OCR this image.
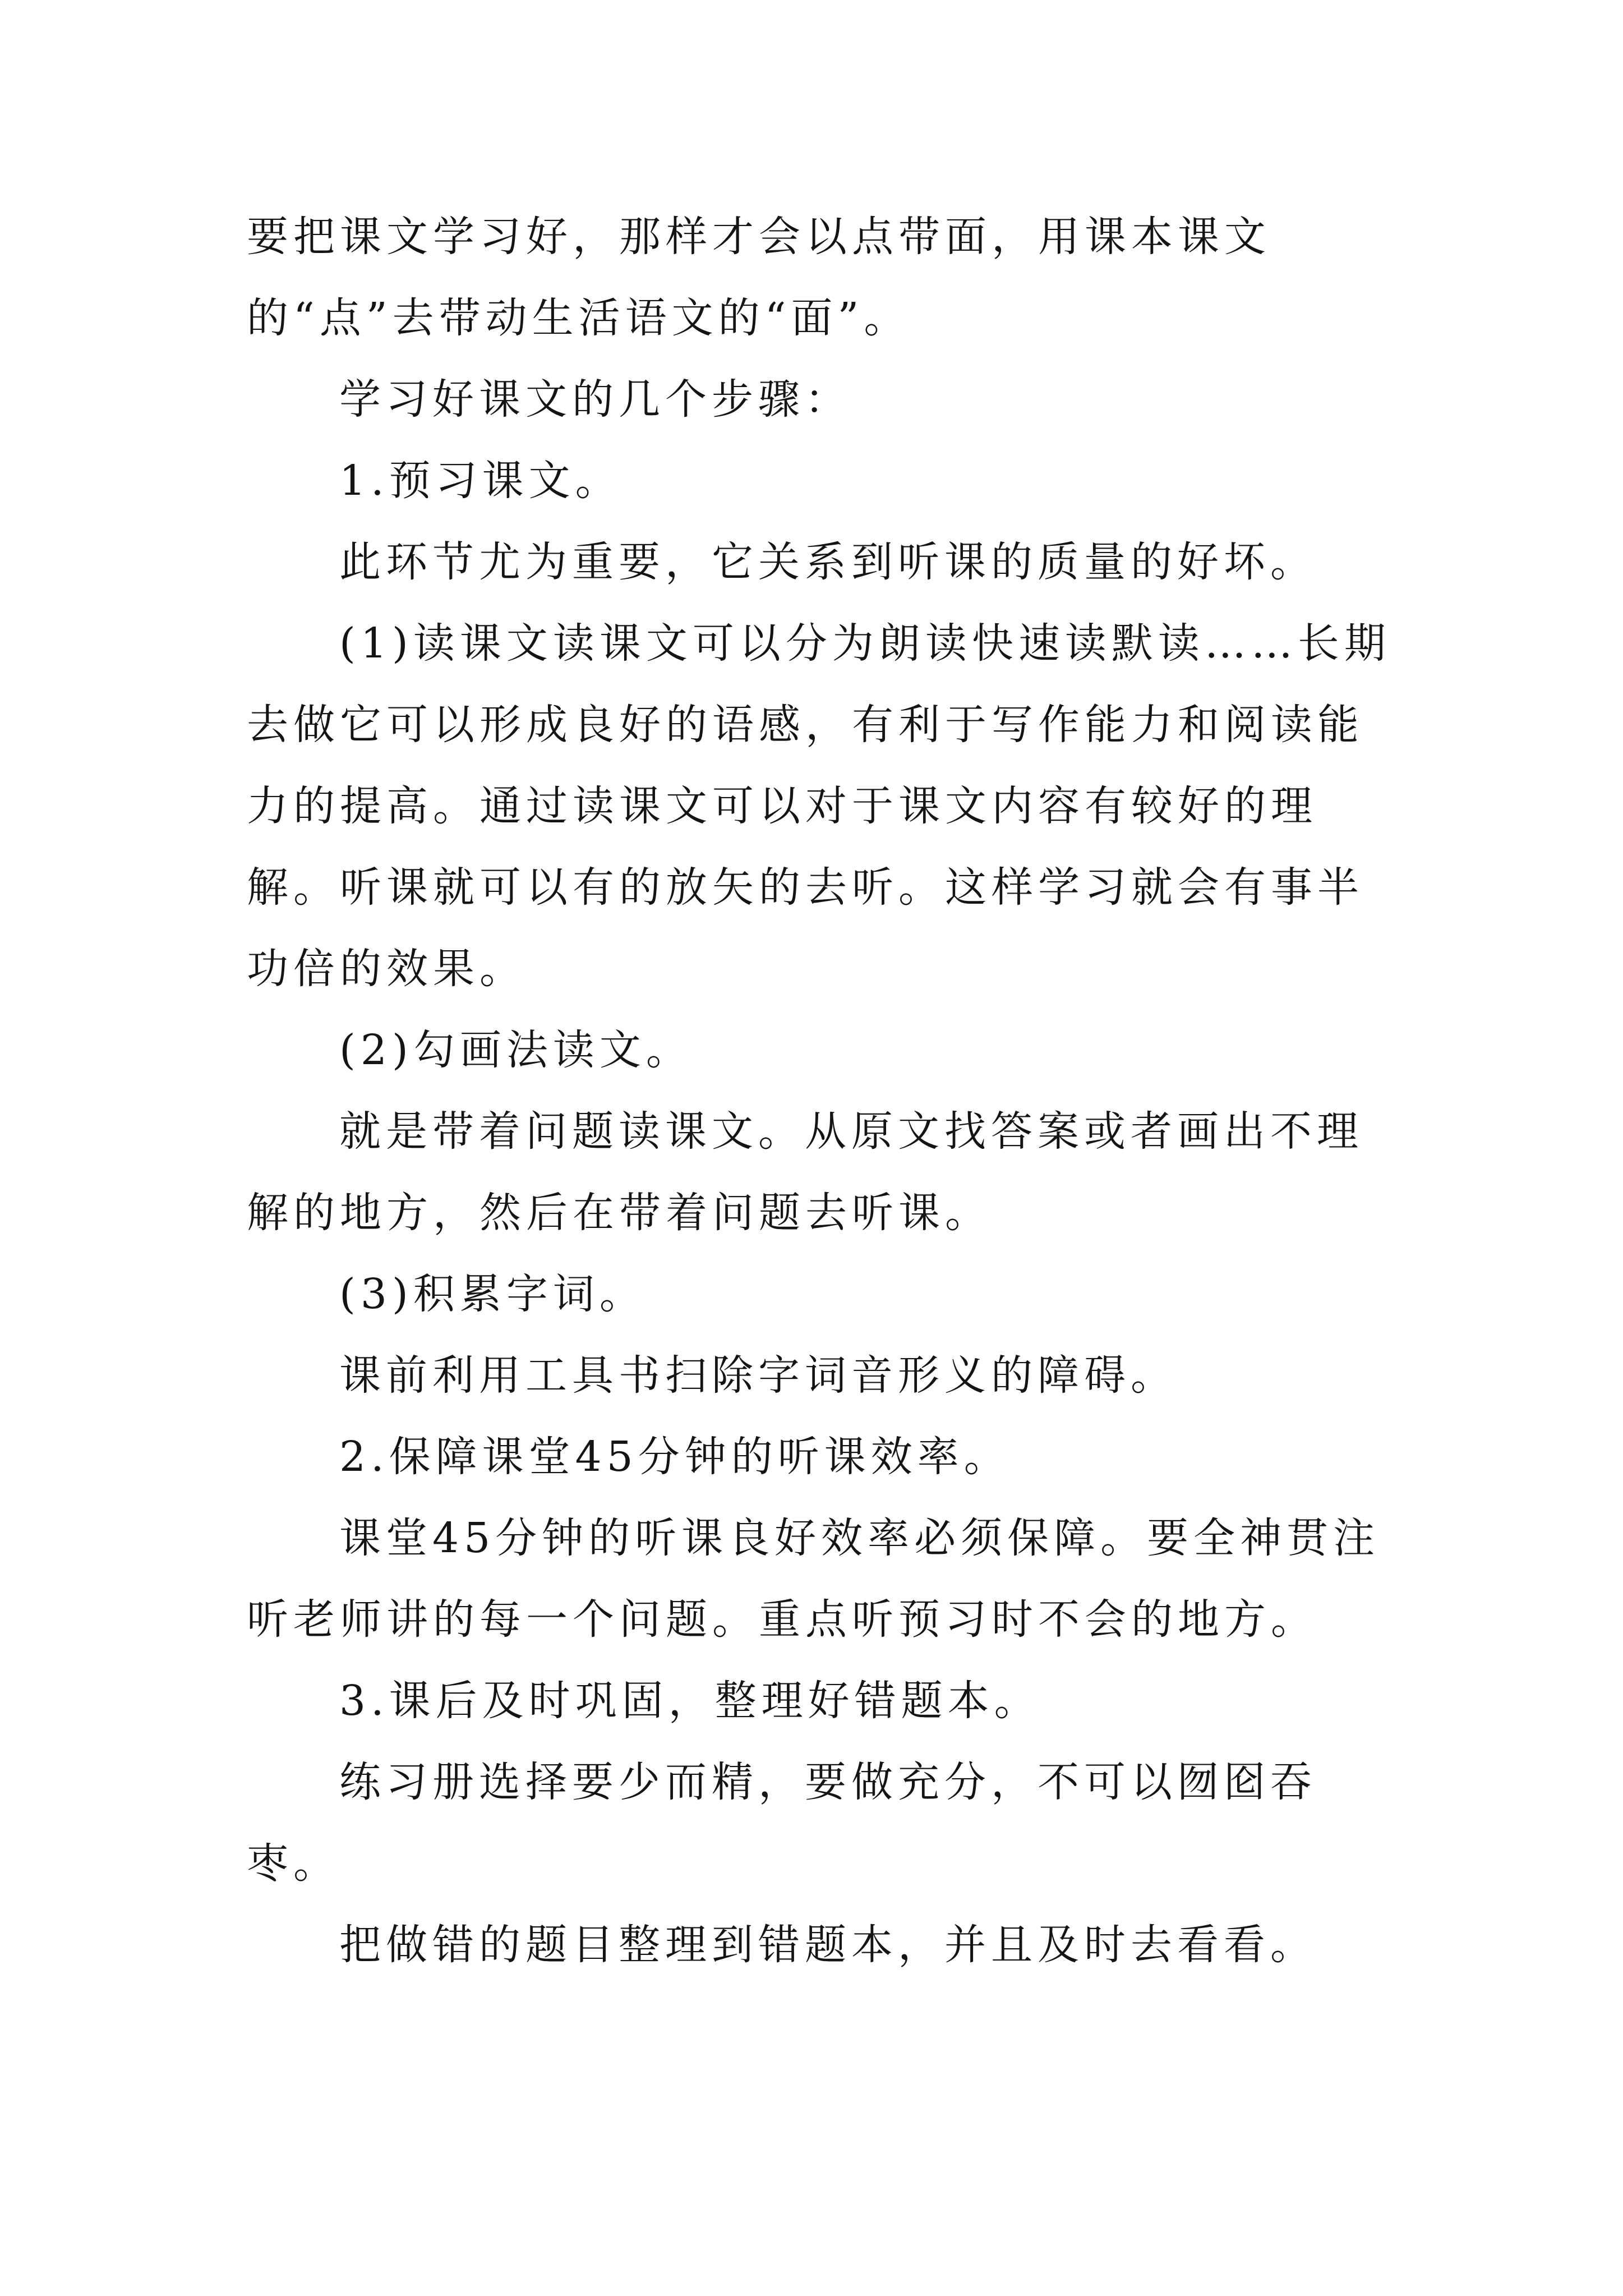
要把课文学习好，那样才会以点带面，用课本课文的“点”去带动生活语文的“面”。

学习好课文的几个步骤：

1.预习课文。

此环节尤为重要，它关系到听课的质量的好坏。

(1)读课文读课文可以分为朗读快速读默读……长期去做它可以形成良好的语感，有利于写作能力和阅读能力的提高。通过读课文可以对于课文内容有较好的理解。听课就可以有的放矢的去听。这样学习就会有事半功倍的效果。

(2)勾画法读文。

就是带着问题读课文。从原文找答案或者画出不理解的地方，然后在带着问题去听课。

(3)积累字词。

课前利用工具书扫除字词音形义的障碍。

2.保障课堂45分钟的听课效率。

课堂45分钟的听课良好效率必须保障。要全神贯注听老师讲的每一个问题。重点听预习时不会的地方。

3.课后及时巩固，整理好错题本。

练习册选择要少而精，要做充分，不可以囫囵吞枣。

把做错的题目整理到错题本，并且及时去看看。
